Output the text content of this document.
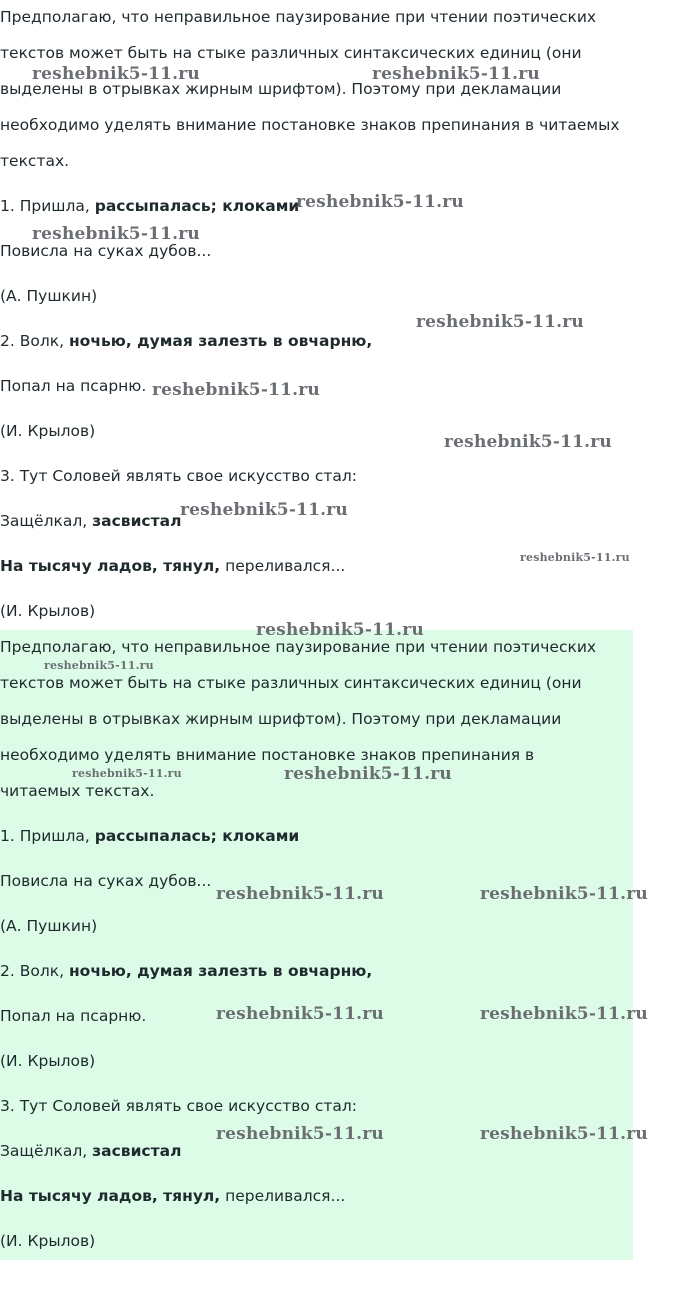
Предполагаю, что неправильное паузирование при чтении поэтических
текстов может быть на стыке различных синтаксических единиц (они
выделены в отрывках жирным шрифтом). Поэтому при декламации
необходимо уделять внимание постановке знаков препинания в читаемых
текстах.
1. Пришла, рассыпалась; клоками
Повисла на суках дубов...
(А. Пушкин)
2. Волк, ночью, думая залезть в овчарню,
Попал на псарню.
(И. Крылов)
3. Тут Соловей являть свое искусство стал:
Защёлкал, засвистал
На тысячу ладов, тянул, переливался...
(И. Крылов)
Предполагаю, что неправильное паузирование при чтении поэтических
текстов может быть на стыке различных синтаксических единиц (они
выделены в отрывках жирным шрифтом). Поэтому при декламации
необходимо уделять внимание постановке знаков препинания в
читаемых текстах.
1. Пришла, рассыпалась; клоками
Повисла на суках дубов...
(А. Пушкин)
2. Волк, ночью, думая залезть в овчарню,
Попал на псарню.
(И. Крылов)
3. Тут Соловей являть свое искусство стал:
Защёлкал, засвистал
На тысячу ладов, тянул, переливался...
(И. Крылов)
reshebnik5-11.ru	reshebnik5-11.ru
reshebnik5-11.ru
reshebnik5-11.ru
reshebnik5-11.ru
reshebnik5-11.ru
reshebnik5-11.ru
reshebnik5-11.ru
reshebnik5-11.ru
reshebnik5-11.ru
reshebnik5-11.ru
reshebnik5-11.ru	reshebnik5-11.ru
reshebnik5-11.ru	reshebnik5-11.ru
reshebnik5-11.ru	reshebnik5-11.ru
reshebnik5-11.ru	reshebnik5-11.ru
